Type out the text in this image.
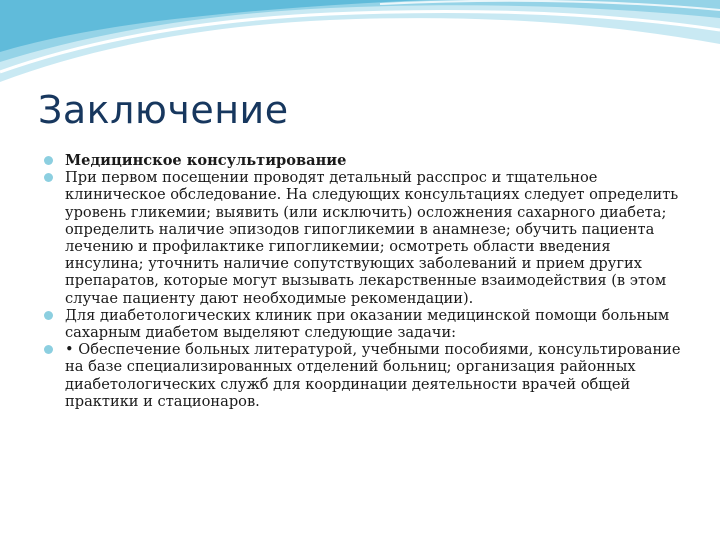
Заключение
Медицинское консультирование
При первом посещении проводят детальный расспрос и тщательное клиническое обследование. На следующих консультациях следует определить уровень гликемии; выявить (или исключить) осложнения сахарного диабета; определить наличие эпизодов гипогликемии в анамнезе; обучить пациента лечению и профилактике гипогликемии; осмотреть области введения инсулина; уточнить наличие сопутствующих заболеваний и прием других препаратов, которые могут вызывать лекарственные взаимодействия (в этом случае пациенту дают необходимые рекомендации).
Для диабетологических клиник при оказании медицинской помощи больным сахарным диабетом выделяют следующие задачи:
• Обеспечение больных литературой, учебными пособиями, консультирование на базе специализированных отделений больниц; организация районных диабетологических служб для координации деятельности врачей общей практики и стационаров.
